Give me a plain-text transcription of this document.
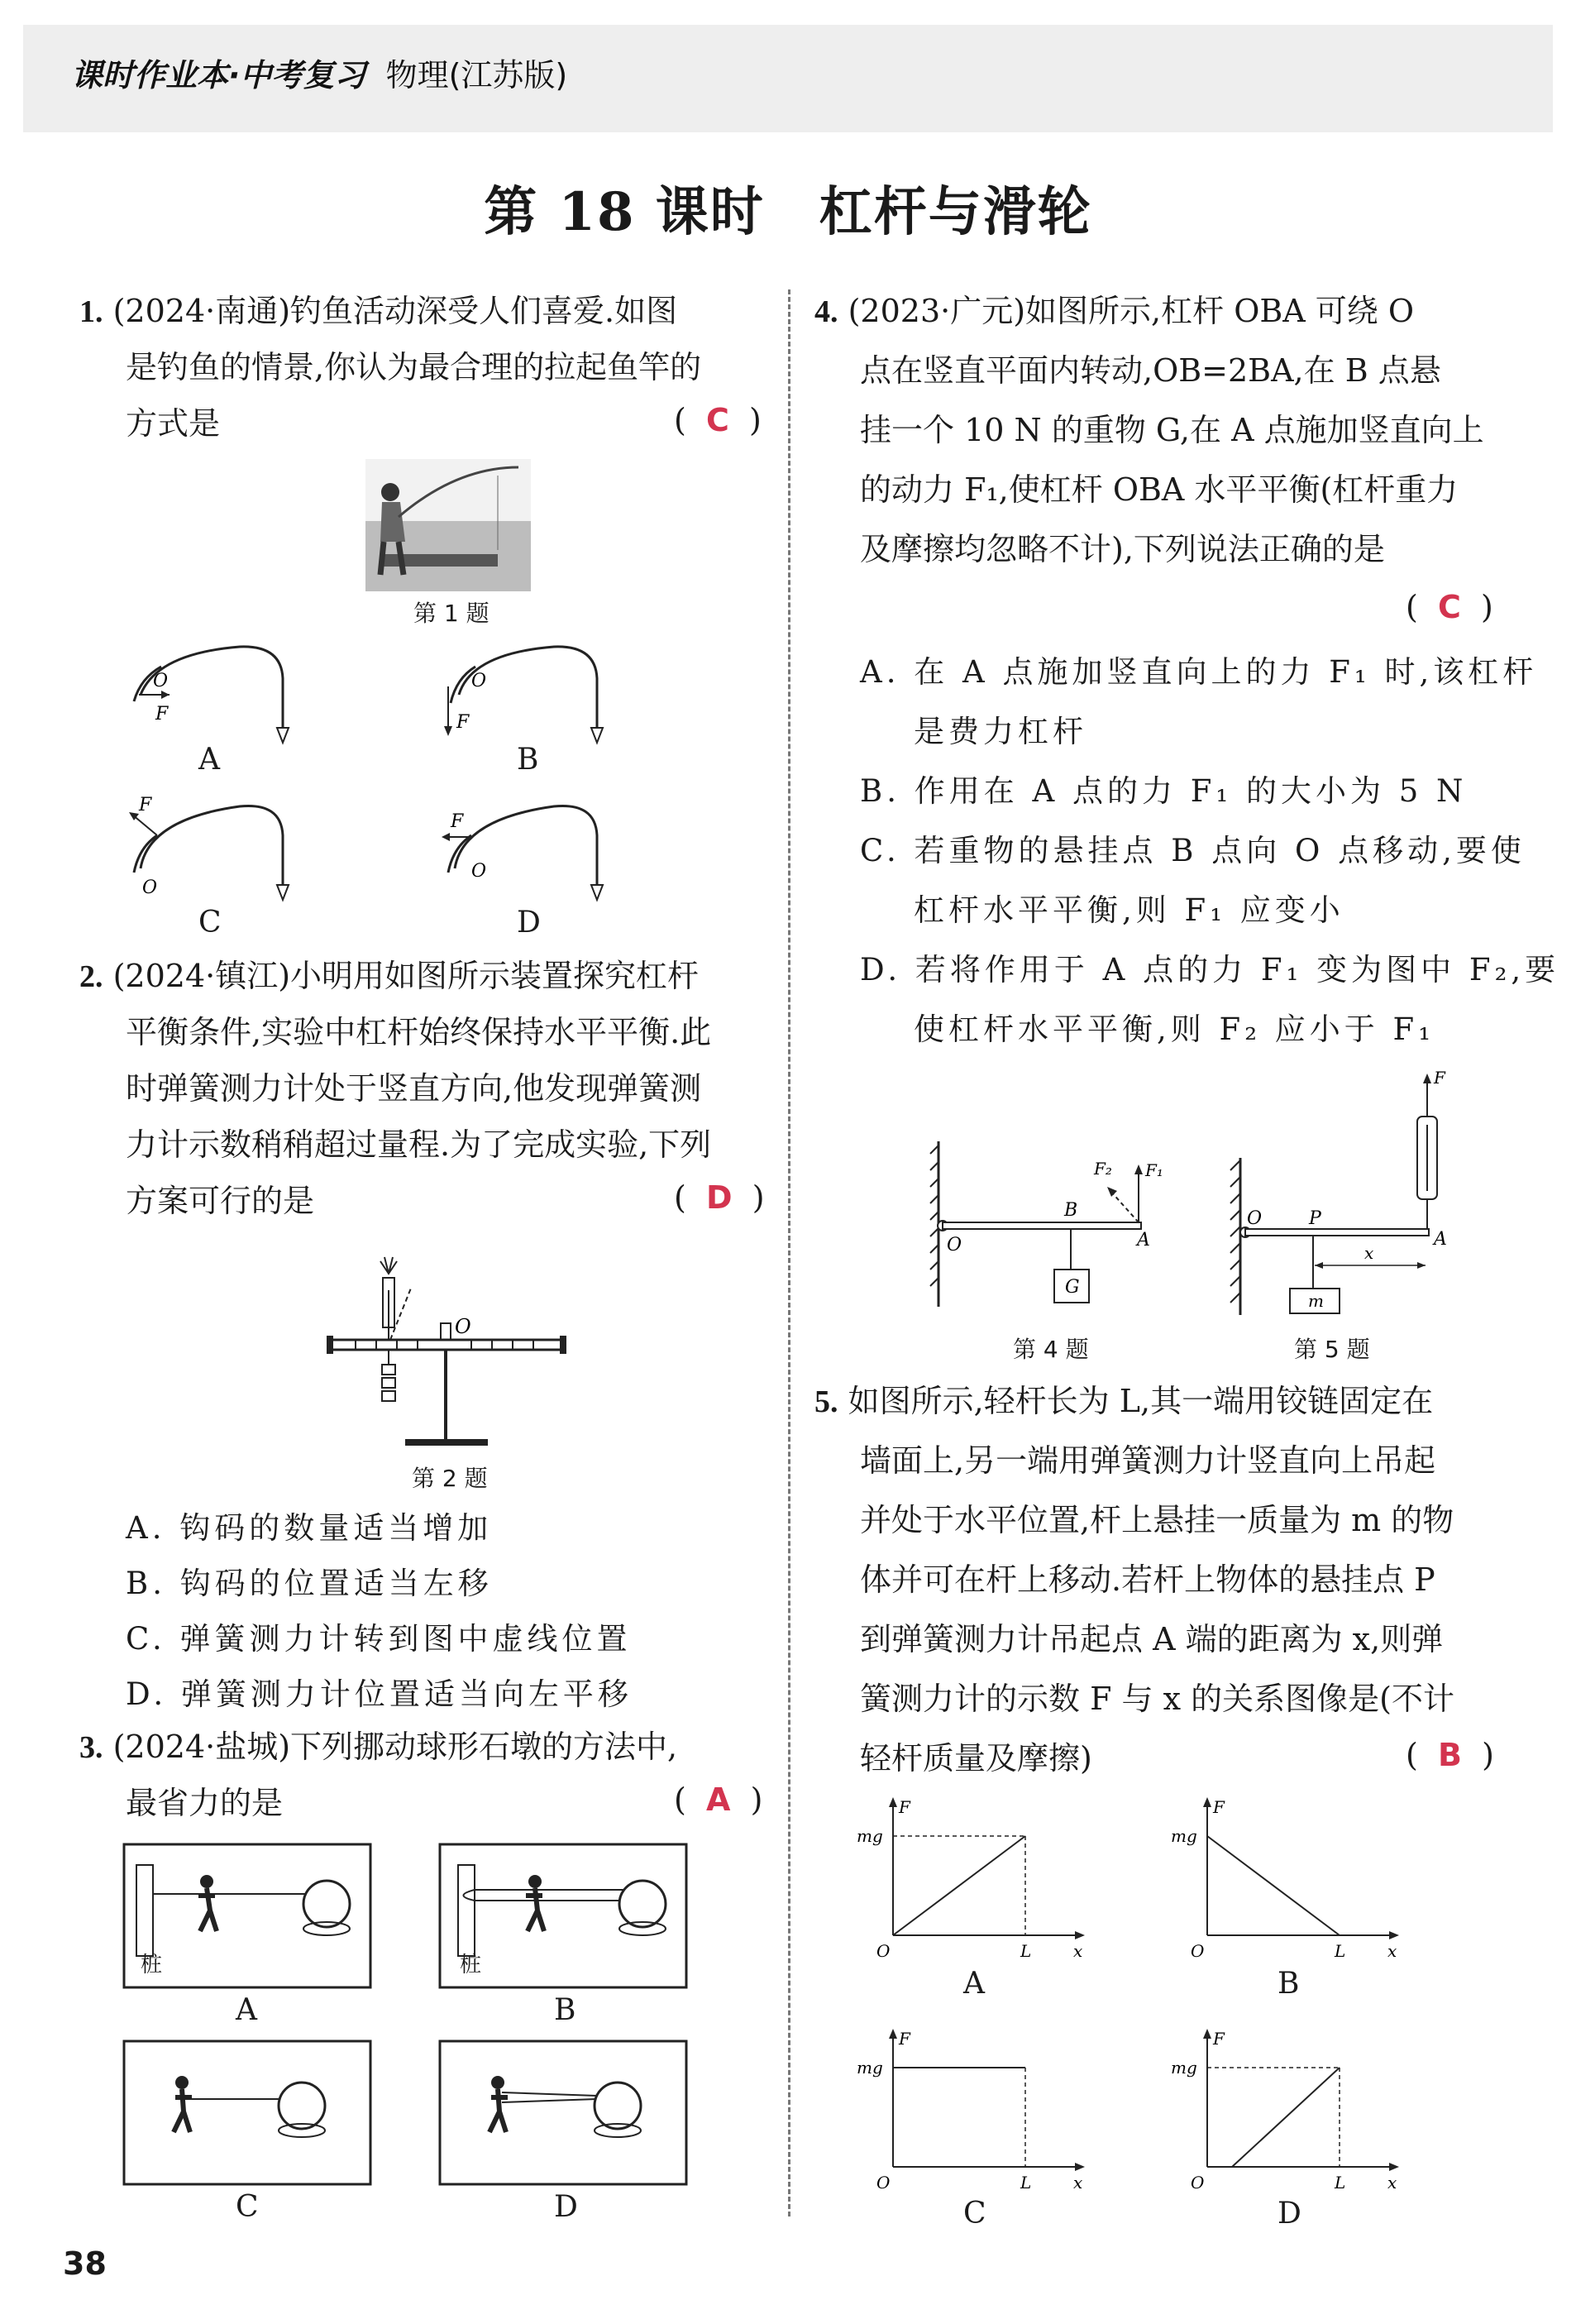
课时作业本·中考复习 物理(江苏版)
第 18 课时　杠杆与滑轮
1. (2024·南通)钓鱼活动深受人们喜爱.如图
是钓鱼的情景,你认为最合理的拉起鱼竿的
方式是	(  C  )
第 1 题
O
F
A
O
F
B
F
O
C
F
O
D
2. (2024·镇江)小明用如图所示装置探究杠杆
平衡条件,实验中杠杆始终保持水平平衡.此
时弹簧测力计处于竖直方向,他发现弹簧测
力计示数稍稍超过量程.为了完成实验,下列
方案可行的是	(  D  )
O
第 2 题
A. 钩码的数量适当增加
B. 钩码的位置适当左移
C. 弹簧测力计转到图中虚线位置
D. 弹簧测力计位置适当向左平移
3. (2024·盐城)下列挪动球形石墩的方法中,
最省力的是	(  A  )
桩
A
桩
B
C	D
4. (2023·广元)如图所示,杠杆 OBA 可绕 O
点在竖直平面内转动,OB=2BA,在 B 点悬
挂一个 10 N 的重物 G,在 A 点施加竖直向上
的动力 F₁,使杠杆 OBA 水平平衡(杠杆重力
及摩擦均忽略不计),下列说法正确的是
(  C  )
A. 在 A 点施加竖直向上的力 F₁ 时,该杠杆
是费力杠杆
B. 作用在 A 点的力 F₁ 的大小为 5 N
C. 若重物的悬挂点 B 点向 O 点移动,要使
杠杆水平平衡,则 F₁ 应变小
D. 若将作用于 A 点的力 F₁ 变为图中 F₂,要
使杠杆水平平衡,则 F₂ 应小于 F₁
G
F₁
F₂
B
A
O
第 4 题
F
A
O	P
m
x
第 5 题
5. 如图所示,轻杆长为 L,其一端用铰链固定在
墙面上,另一端用弹簧测力计竖直向上吊起
并处于水平位置,杆上悬挂一质量为 m 的物
体并可在杆上移动.若杆上物体的悬挂点 P
到弹簧测力计吊起点 A 端的距离为 x,则弹
簧测力计的示数 F 与 x 的关系图像是(不计
轻杆质量及摩擦)	(  B  )
F
mg
O	L	x
A
F
mg
O	L	x
B
F
mg
O	L	x
C
F
mg
O	L	x
D
38
